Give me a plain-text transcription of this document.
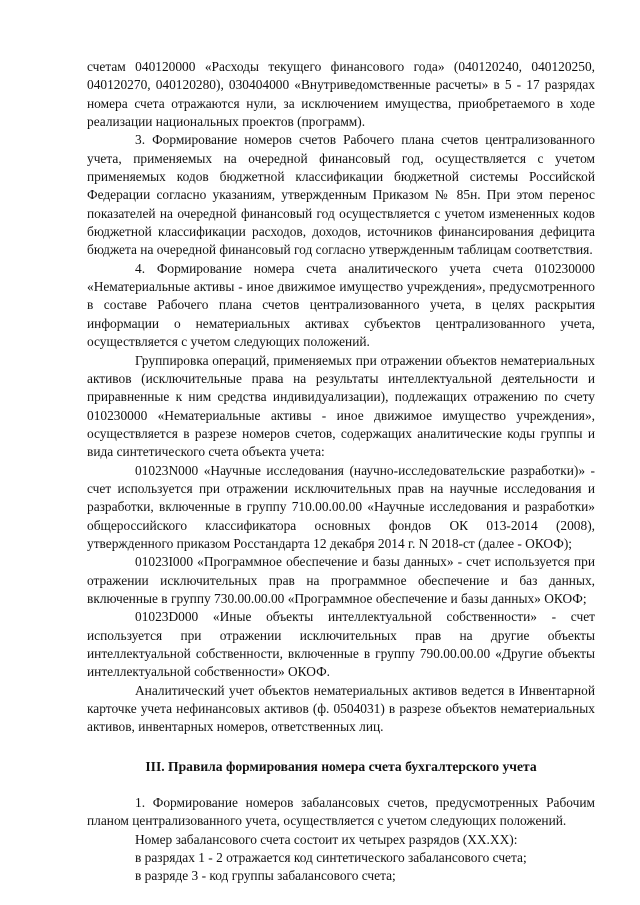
счетам 040120000 «Расходы текущего финансового года» (040120240, 040120250, 040120270, 040120280), 030404000 «Внутриведомственные расчеты» в 5 - 17 разрядах номера счета отражаются нули, за исключением имущества, приобретаемого в ходе реализации национальных проектов (программ).

3. Формирование номеров счетов Рабочего плана счетов централизованного учета, применяемых на очередной финансовый год, осуществляется с учетом применяемых кодов бюджетной классификации бюджетной системы Российской Федерации согласно указаниям, утвержденным Приказом № 85н. При этом перенос показателей на очередной финансовый год осуществляется с учетом измененных кодов бюджетной классификации расходов, доходов, источников финансирования дефицита бюджета на очередной финансовый год согласно утвержденным таблицам соответствия.

4. Формирование номера счета аналитического учета счета 010230000 «Нематериальные активы - иное движимое имущество учреждения», предусмотренного в составе Рабочего плана счетов централизованного учета, в целях раскрытия информации о нематериальных активах субъектов централизованного учета, осуществляется с учетом следующих положений.

Группировка операций, применяемых при отражении объектов нематериальных активов (исключительные права на результаты интеллектуальной деятельности и приравненные к ним средства индивидуализации), подлежащих отражению по счету 010230000 «Нематериальные активы - иное движимое имущество учреждения», осуществляется в разрезе номеров счетов, содержащих аналитические коды группы и вида синтетического счета объекта учета:

01023N000 «Научные исследования (научно-исследовательские разработки)» - счет используется при отражении исключительных прав на научные исследования и разработки, включенные в группу 710.00.00.00 «Научные исследования и разработки» общероссийского классификатора основных фондов ОК 013-2014 (2008), утвержденного приказом Росстандарта 12 декабря 2014 г. N 2018-ст (далее - ОКОФ);

01023I000 «Программное обеспечение и базы данных» - счет используется при отражении исключительных прав на программное обеспечение и баз данных, включенные в группу 730.00.00.00 «Программное обеспечение и базы данных» ОКОФ;

01023D000 «Иные объекты интеллектуальной собственности» - счет используется при отражении исключительных прав на другие объекты интеллектуальной собственности, включенные в группу 790.00.00.00 «Другие объекты интеллектуальной собственности» ОКОФ.

Аналитический учет объектов нематериальных активов ведется в Инвентарной карточке учета нефинансовых активов (ф. 0504031) в разрезе объектов нематериальных активов, инвентарных номеров, ответственных лиц.

III. Правила формирования номера счета бухгалтерского учета

1. Формирование номеров забалансовых счетов, предусмотренных Рабочим планом централизованного учета, осуществляется с учетом следующих положений.

Номер забалансового счета состоит их четырех разрядов (XX.XX):

в разрядах 1 - 2 отражается код синтетического забалансового счета;

в разряде 3 - код группы забалансового счета;
